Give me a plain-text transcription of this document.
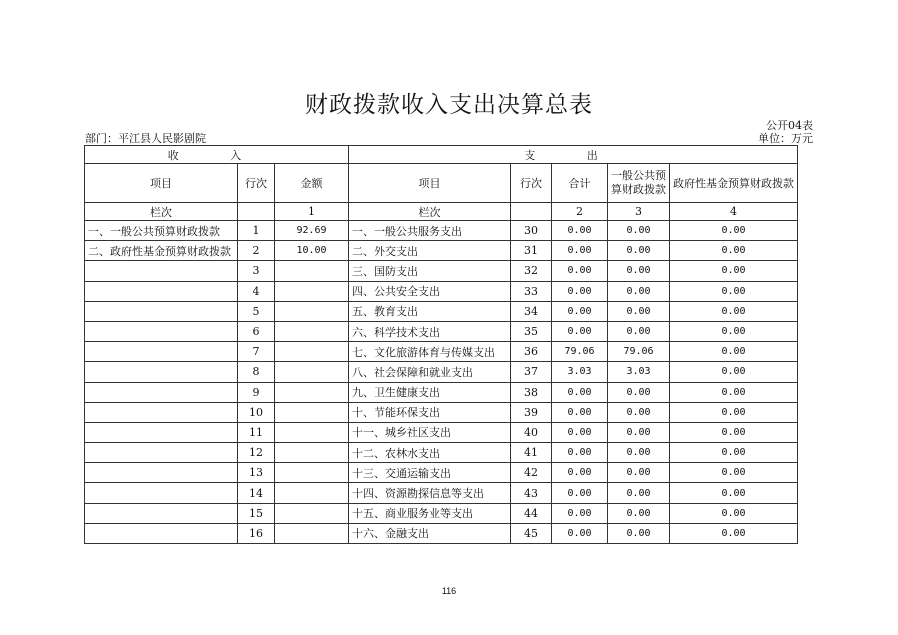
财政拨款收入支出决算总表
公开04表
部门：平江县人民影剧院	单位：万元
收 入			支 出				
项目	行次	金额	项目	行次	合计	一般公共预算财政拨款	政府性基金预算财政拨款
栏次		1	栏次		2	3	4
一、一般公共预算财政拨款	1	92.69	一、一般公共服务支出	30	0.00	0.00	0.00
二、政府性基金预算财政拨款	2	10.00	二、外交支出	31	0.00	0.00	0.00
	3		三、国防支出	32	0.00	0.00	0.00
	4		四、公共安全支出	33	0.00	0.00	0.00
	5		五、教育支出	34	0.00	0.00	0.00
	6		六、科学技术支出	35	0.00	0.00	0.00
	7		七、文化旅游体育与传媒支出	36	79.06	79.06	0.00
	8		八、社会保障和就业支出	37	3.03	3.03	0.00
	9		九、卫生健康支出	38	0.00	0.00	0.00
	10		十、节能环保支出	39	0.00	0.00	0.00
	11		十一、城乡社区支出	40	0.00	0.00	0.00
	12		十二、农林水支出	41	0.00	0.00	0.00
	13		十三、交通运输支出	42	0.00	0.00	0.00
	14		十四、资源勘探信息等支出	43	0.00	0.00	0.00
	15		十五、商业服务业等支出	44	0.00	0.00	0.00
	16		十六、金融支出	45	0.00	0.00	0.00
116
